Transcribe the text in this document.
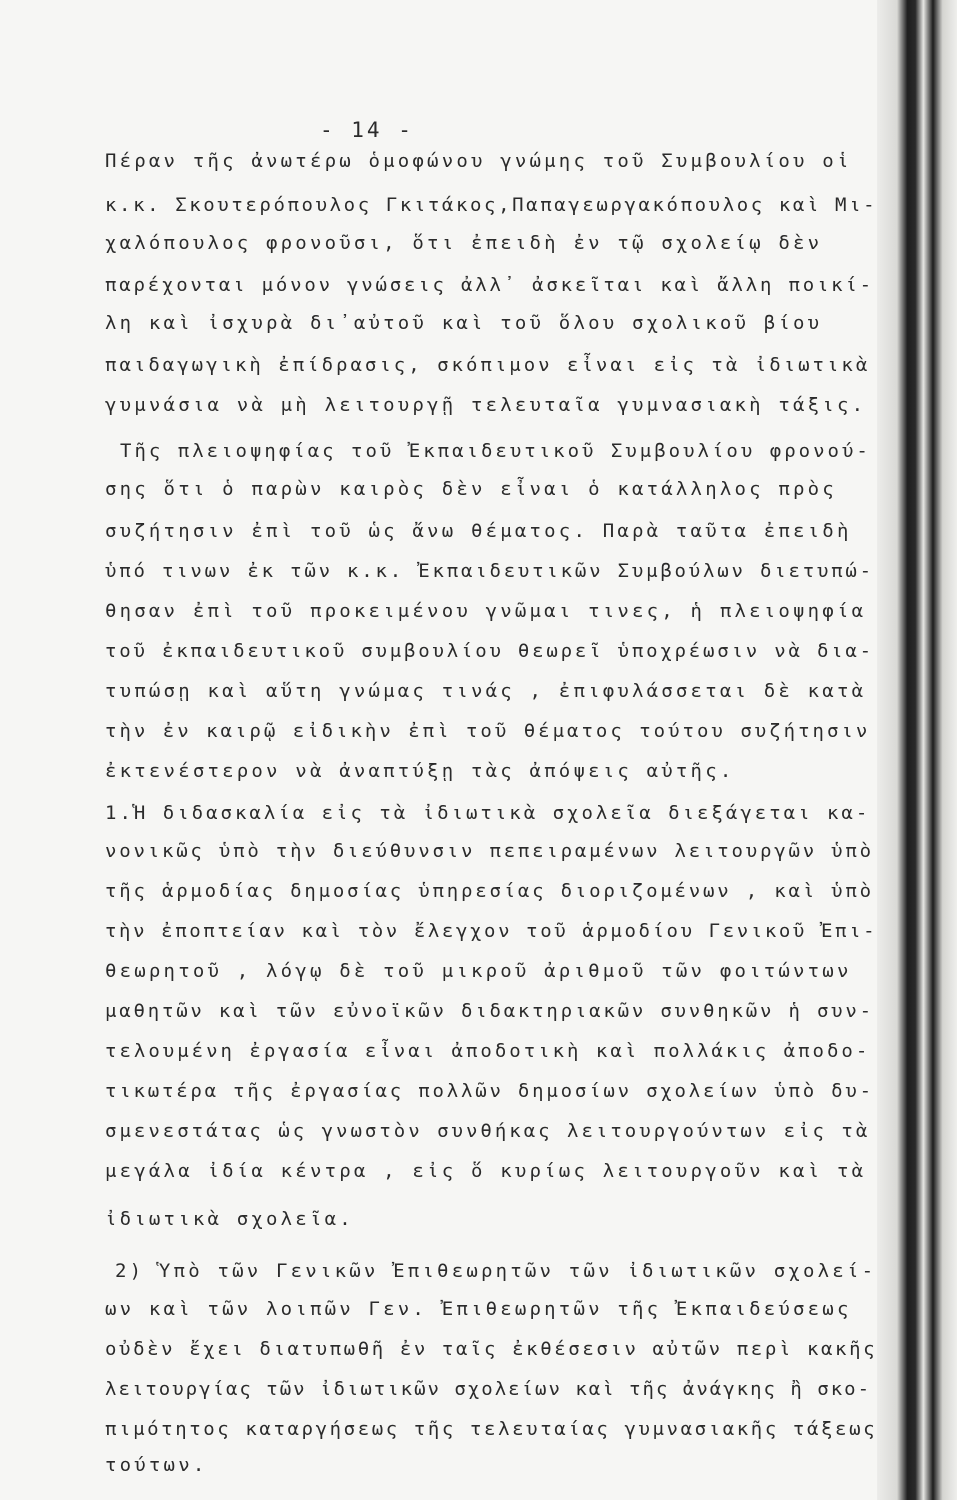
- 14 -
Πέραν τῆς ἀνωτέρω ὁμοφώνου γνώμης τοῦ Συμβουλίου οἱ
κ.κ. Σκουτερόπουλος Γκιτάκος,Παπαγεωργακόπουλος καὶ Μι-
χαλόπουλος φρονοῦσι, ὅτι ἐπειδὴ ἐν τῷ σχολείῳ δὲν
παρέχονται μόνον γνώσεις ἀλλ᾽ ἀσκεῖται καὶ ἄλλη ποικί-
λη καὶ ἰσχυρὰ δι᾽αὐτοῦ καὶ τοῦ ὅλου σχολικοῦ βίου
παιδαγωγικὴ ἐπίδρασις, σκόπιμον εἶναι εἰς τὰ ἰδιωτικὰ
γυμνάσια νὰ μὴ λειτουργῇ τελευταῖα γυμνασιακὴ τάξις.
Τῆς πλειοψηφίας τοῦ Ἐκπαιδευτικοῦ Συμβουλίου φρονού-
σης ὅτι ὁ παρὼν καιρὸς δὲν εἶναι ὁ κατάλληλος πρὸς
συζήτησιν ἐπὶ τοῦ ὡς ἄνω θέματος. Παρὰ ταῦτα ἐπειδὴ
ὑπό τινων ἐκ τῶν κ.κ. Ἐκπαιδευτικῶν Συμβούλων διετυπώ-
θησαν ἐπὶ τοῦ προκειμένου γνῶμαι τινες, ἡ πλειοψηφία
τοῦ ἐκπαιδευτικοῦ συμβουλίου θεωρεῖ ὑποχρέωσιν νὰ δια-
τυπώσῃ καὶ αὕτη γνώμας τινάς , ἐπιφυλάσσεται δὲ κατὰ
τὴν ἐν καιρῷ εἰδικὴν ἐπὶ τοῦ θέματος τούτου συζήτησιν
ἐκτενέστερον νὰ ἀναπτύξῃ τὰς ἀπόψεις αὐτῆς.
1.Ἡ διδασκαλία εἰς τὰ ἰδιωτικὰ σχολεῖα διεξάγεται κα-
νονικῶς ὑπὸ τὴν διεύθυνσιν πεπειραμένων λειτουργῶν ὑπὸ
τῆς ἁρμοδίας δημοσίας ὑπηρεσίας διοριζομένων , καὶ ὑπὸ
τὴν ἐποπτείαν καὶ τὸν ἔλεγχον τοῦ ἁρμοδίου Γενικοῦ Ἐπι-
θεωρητοῦ , λόγῳ δὲ τοῦ μικροῦ ἀριθμοῦ τῶν φοιτώντων
μαθητῶν καὶ τῶν εὐνοϊκῶν διδακτηριακῶν συνθηκῶν ἡ συν-
τελουμένη ἐργασία εἶναι ἀποδοτικὴ καὶ πολλάκις ἀποδο-
τικωτέρα τῆς ἐργασίας πολλῶν δημοσίων σχολείων ὑπὸ δυ-
σμενεστάτας ὡς γνωστὸν συνθήκας λειτουργούντων εἰς τὰ
μεγάλα ἰδία κέντρα , εἰς ὅ κυρίως λειτουργοῦν καὶ τὰ
ἰδιωτικὰ σχολεῖα.
2) Ὑπὸ τῶν Γενικῶν Ἐπιθεωρητῶν τῶν ἰδιωτικῶν σχολεί-
ων καὶ τῶν λοιπῶν Γεν. Ἐπιθεωρητῶν τῆς Ἐκπαιδεύσεως
οὐδὲν ἔχει διατυπωθῆ ἐν ταῖς ἐκθέσεσιν αὐτῶν περὶ κακῆς
λειτουργίας τῶν ἰδιωτικῶν σχολείων καὶ τῆς ἀνάγκης ἢ σκο-
πιμότητος καταργήσεως τῆς τελευταίας γυμνασιακῆς τάξεως
τούτων.
